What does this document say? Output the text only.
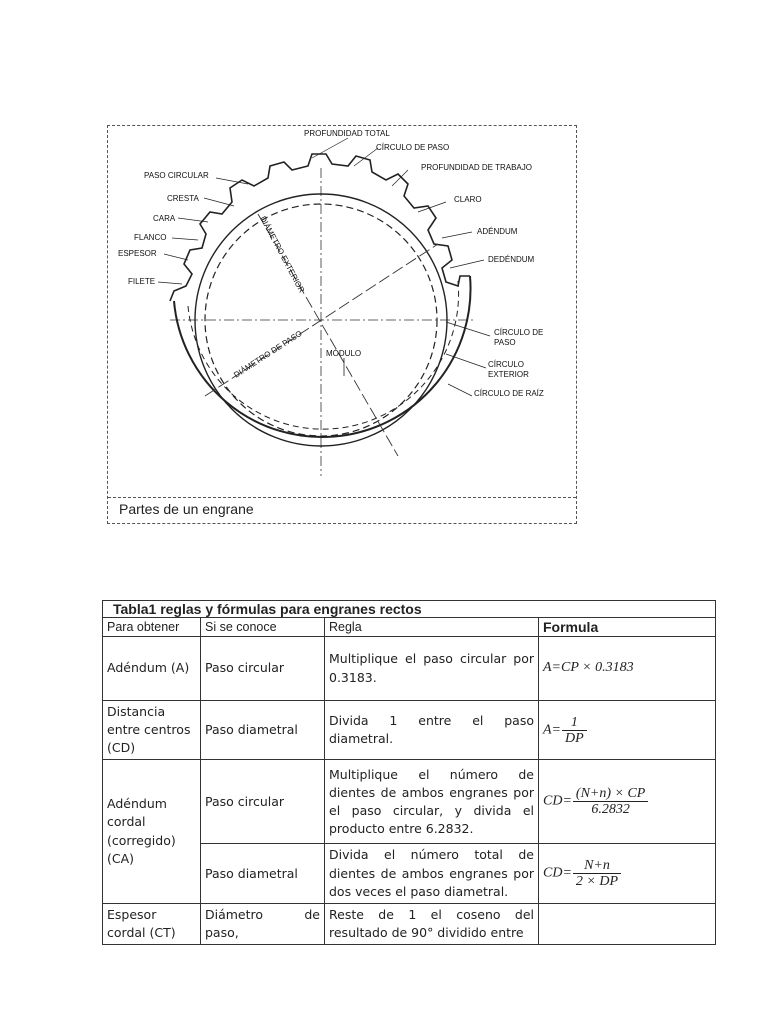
PROFUNDIDAD TOTAL
CÍRCULO DE PASO
PROFUNDIDAD DE TRABAJO
PASO CIRCULAR
CRESTA	CLARO
CARA
ADÉNDUM
FLANCO
ESPESOR
DEDÉNDUM
FILETE	DIÁMETRO EXTERIOR
CÍRCULO DE
PASO
DIÁMETRO DE PASO	MÓDULO
CÍRCULO
EXTERIOR
CÍRCULO DE RAÍZ
Partes de un engrane
Tabla1 reglas y fórmulas para engranes rectos			
Para obtener	Si se conoce	Regla	Formula
Adéndum (A)	Paso circular	Multiplique el paso circular por 0.3183.	A=CP × 0.3183
Distancia entre centros (CD)	Paso diametral	Divida 1 entre el paso diametral.	$A= \frac{1}{DP}$

Adéndum cordal (corregido) (CA)	Paso circular	Multiplique el número de dientes de ambos engranes por el paso circular, y divida el producto entre 6.2832.	$CD= \frac{(N+n) \times CP}{6.2832}$

	Paso diametral	Divida el número total de dientes de ambos engranes por dos veces el paso diametral.	$CD= \frac{N+n}{2 \times DP}$

Espesor cordal (CT)	Diámetro de paso,	Reste de 1 el coseno del resultado de 90° dividido entre	
